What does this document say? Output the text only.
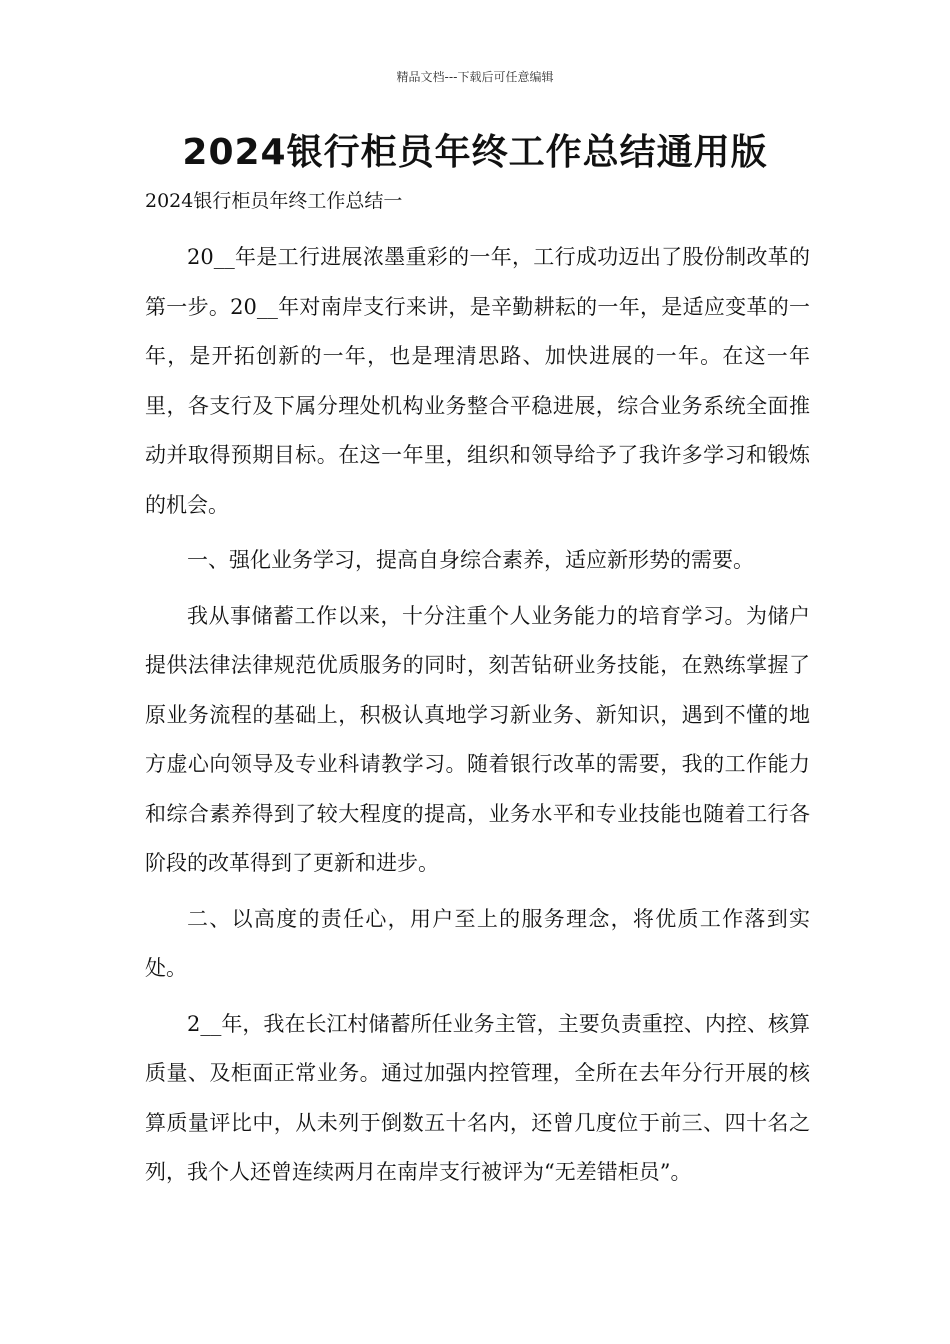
精品文档---下载后可任意编辑
2024银行柜员年终工作总结通用版

2024银行柜员年终工作总结一

20__年是工行进展浓墨重彩的一年，工行成功迈出了股份制改革的第一步。20__年对南岸支行来讲，是辛勤耕耘的一年，是适应变革的一年，是开拓创新的一年，也是理清思路、加快进展的一年。在这一年里，各支行及下属分理处机构业务整合平稳进展，综合业务系统全面推动并取得预期目标。在这一年里，组织和领导给予了我许多学习和锻炼的机会。

一、强化业务学习，提高自身综合素养，适应新形势的需要。

我从事储蓄工作以来，十分注重个人业务能力的培育学习。为储户提供法律法律规范优质服务的同时，刻苦钻研业务技能，在熟练掌握了原业务流程的基础上，积极认真地学习新业务、新知识，遇到不懂的地方虚心向领导及专业科请教学习。随着银行改革的需要，我的工作能力和综合素养得到了较大程度的提高，业务水平和专业技能也随着工行各阶段的改革得到了更新和进步。

二、以高度的责任心，用户至上的服务理念，将优质工作落到实处。

2__年，我在长江村储蓄所任业务主管，主要负责重控、内控、核算质量、及柜面正常业务。通过加强内控管理，全所在去年分行开展的核算质量评比中，从未列于倒数五十名内，还曾几度位于前三、四十名之列，我个人还曾连续两月在南岸支行被评为“无差错柜员”。
